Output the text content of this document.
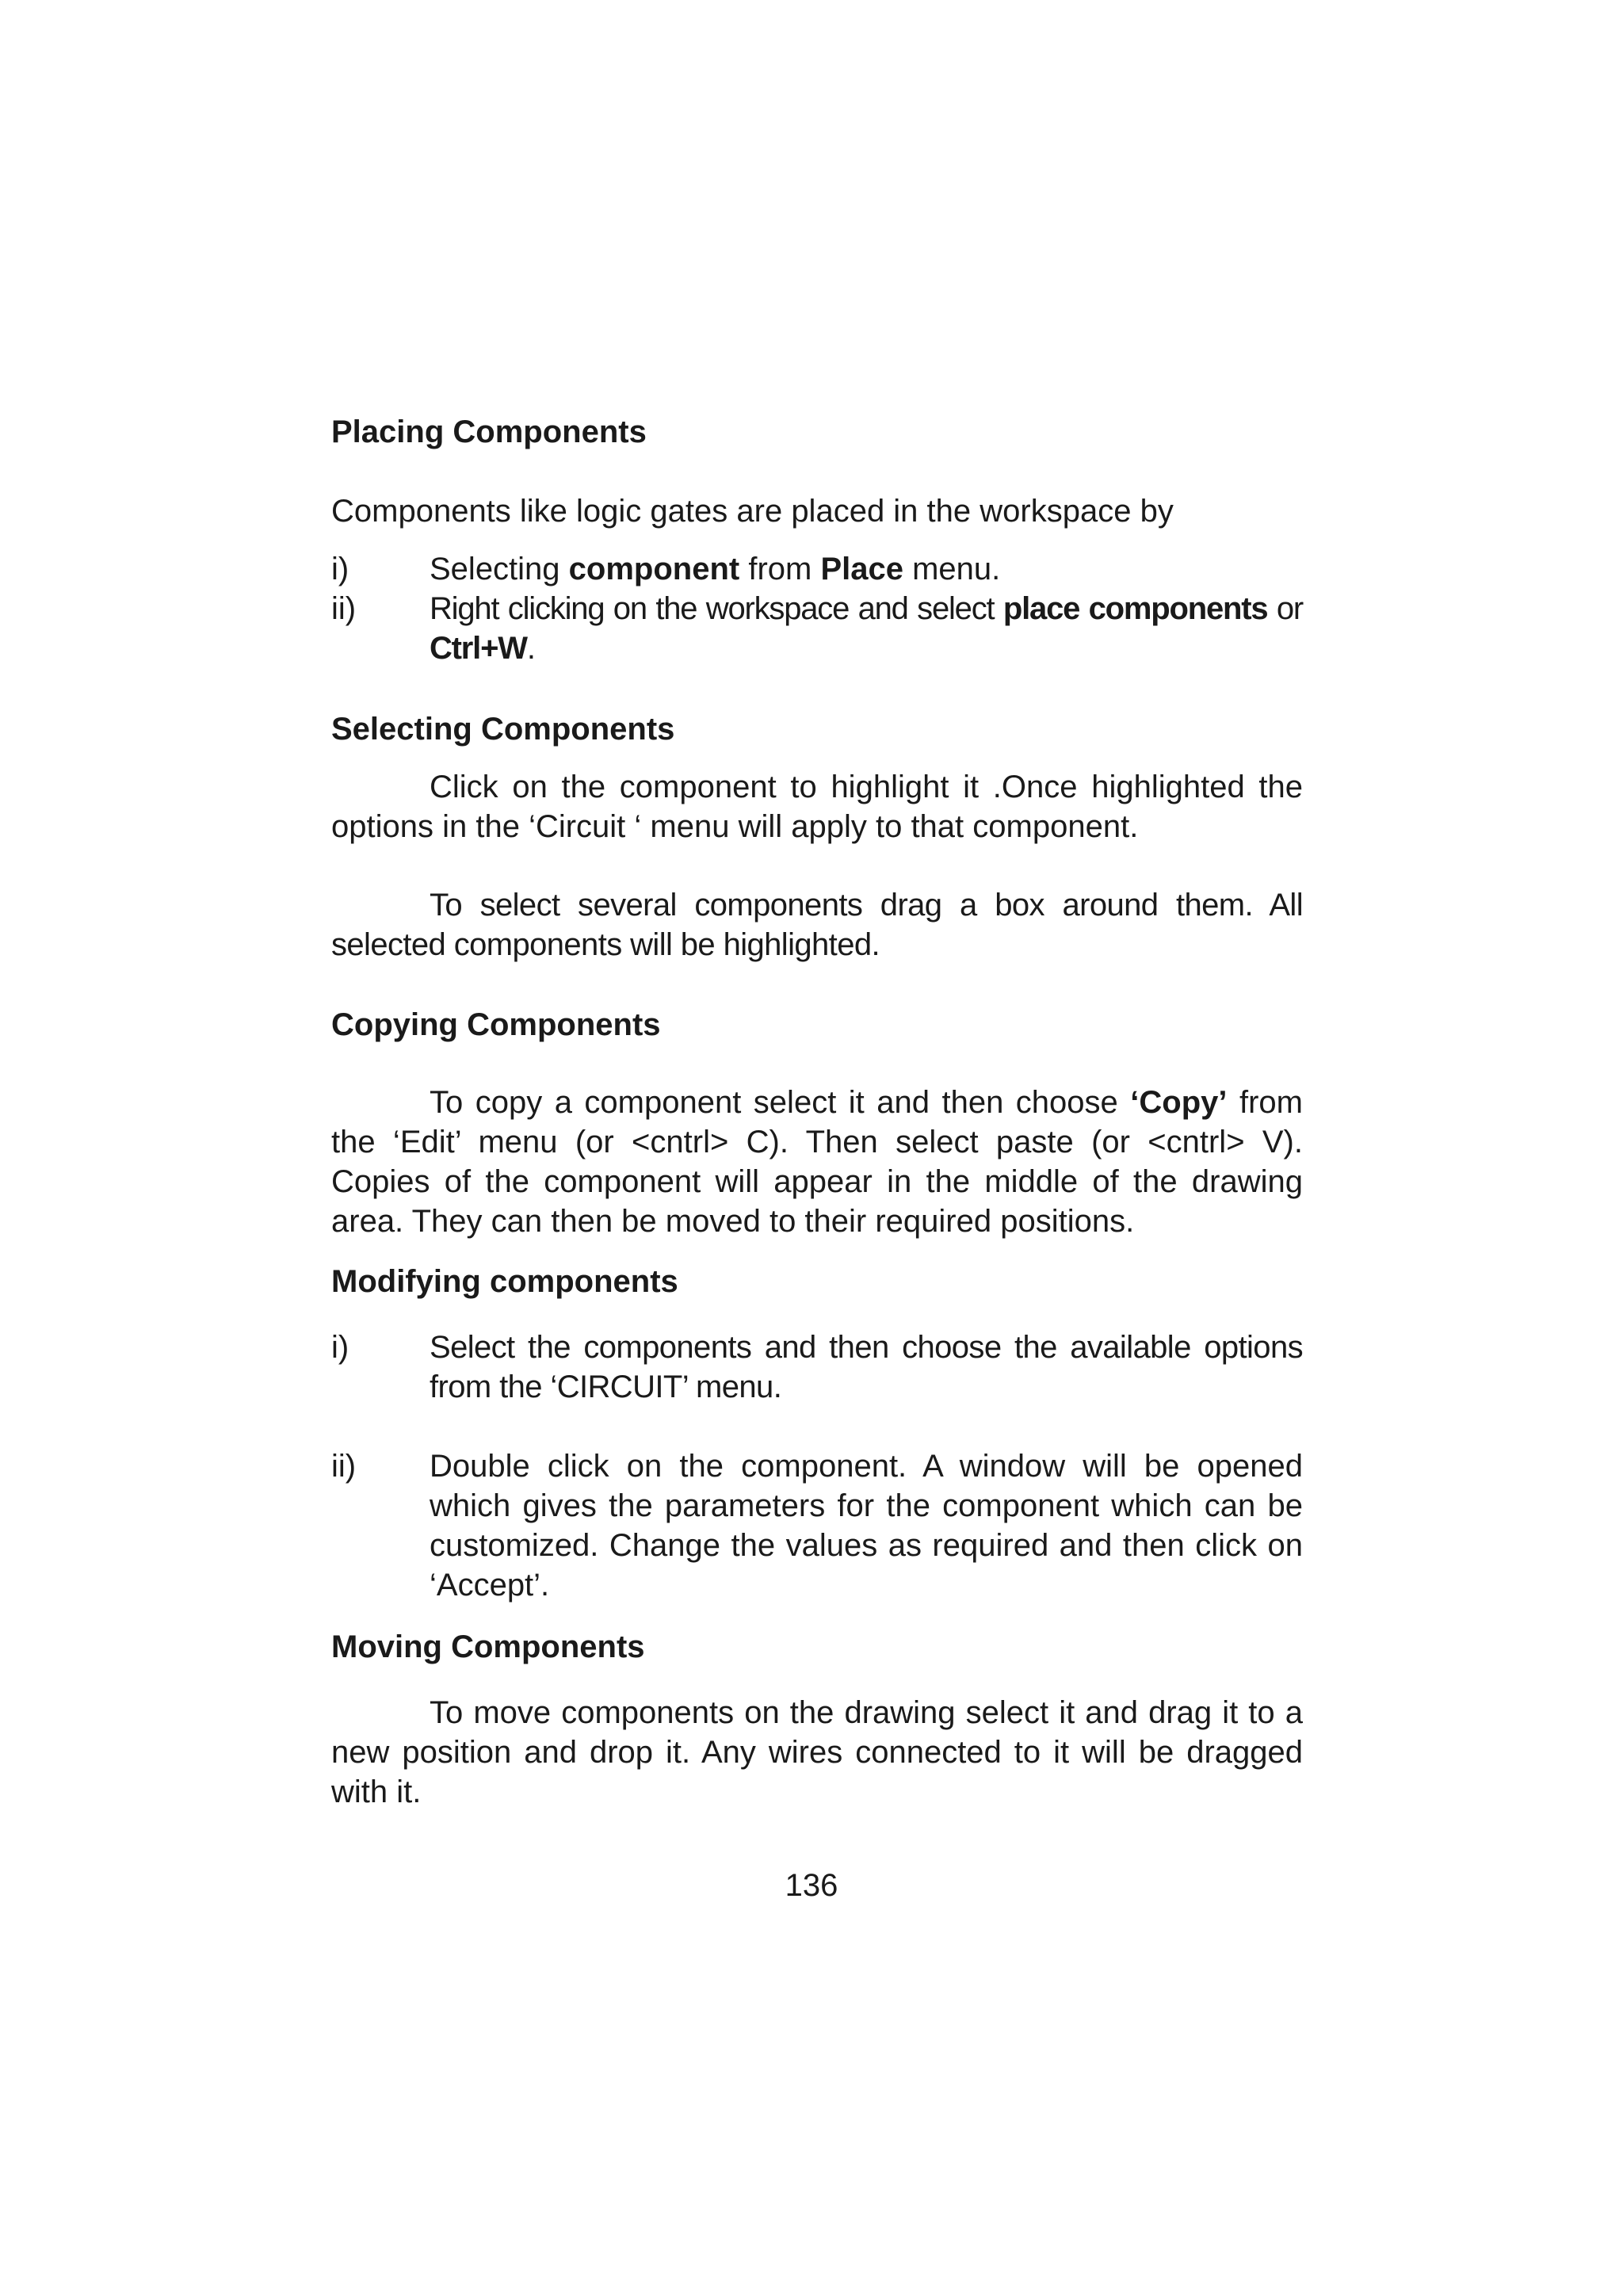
Placing Components

Components like logic gates are placed in the workspace by

i)	Selecting component from Place menu.
ii)	Right clicking on the workspace and select place components or Ctrl+W.

Selecting Components

Click on the component to highlight it .Once highlighted the options in the ‘Circuit ‘ menu will apply to that component.

To select several components drag a box around them. All selected components will be highlighted.

Copying Components

To copy a component select it and then choose ‘Copy’ from the ‘Edit’ menu (or <cntrl> C). Then select paste (or <cntrl> V). Copies of the component will appear in the middle of the drawing area. They can then be moved to their required positions.

Modifying components

i)	Select the components and then choose the available options from the ‘CIRCUIT’ menu.
ii)	Double click on the component. A window will be opened which gives the parameters for the component which can be customized. Change the values as required and then click on ‘Accept’.

Moving Components

To move components on the drawing select it and drag it to a new position and drop it. Any wires connected to it will be dragged with it.

136
